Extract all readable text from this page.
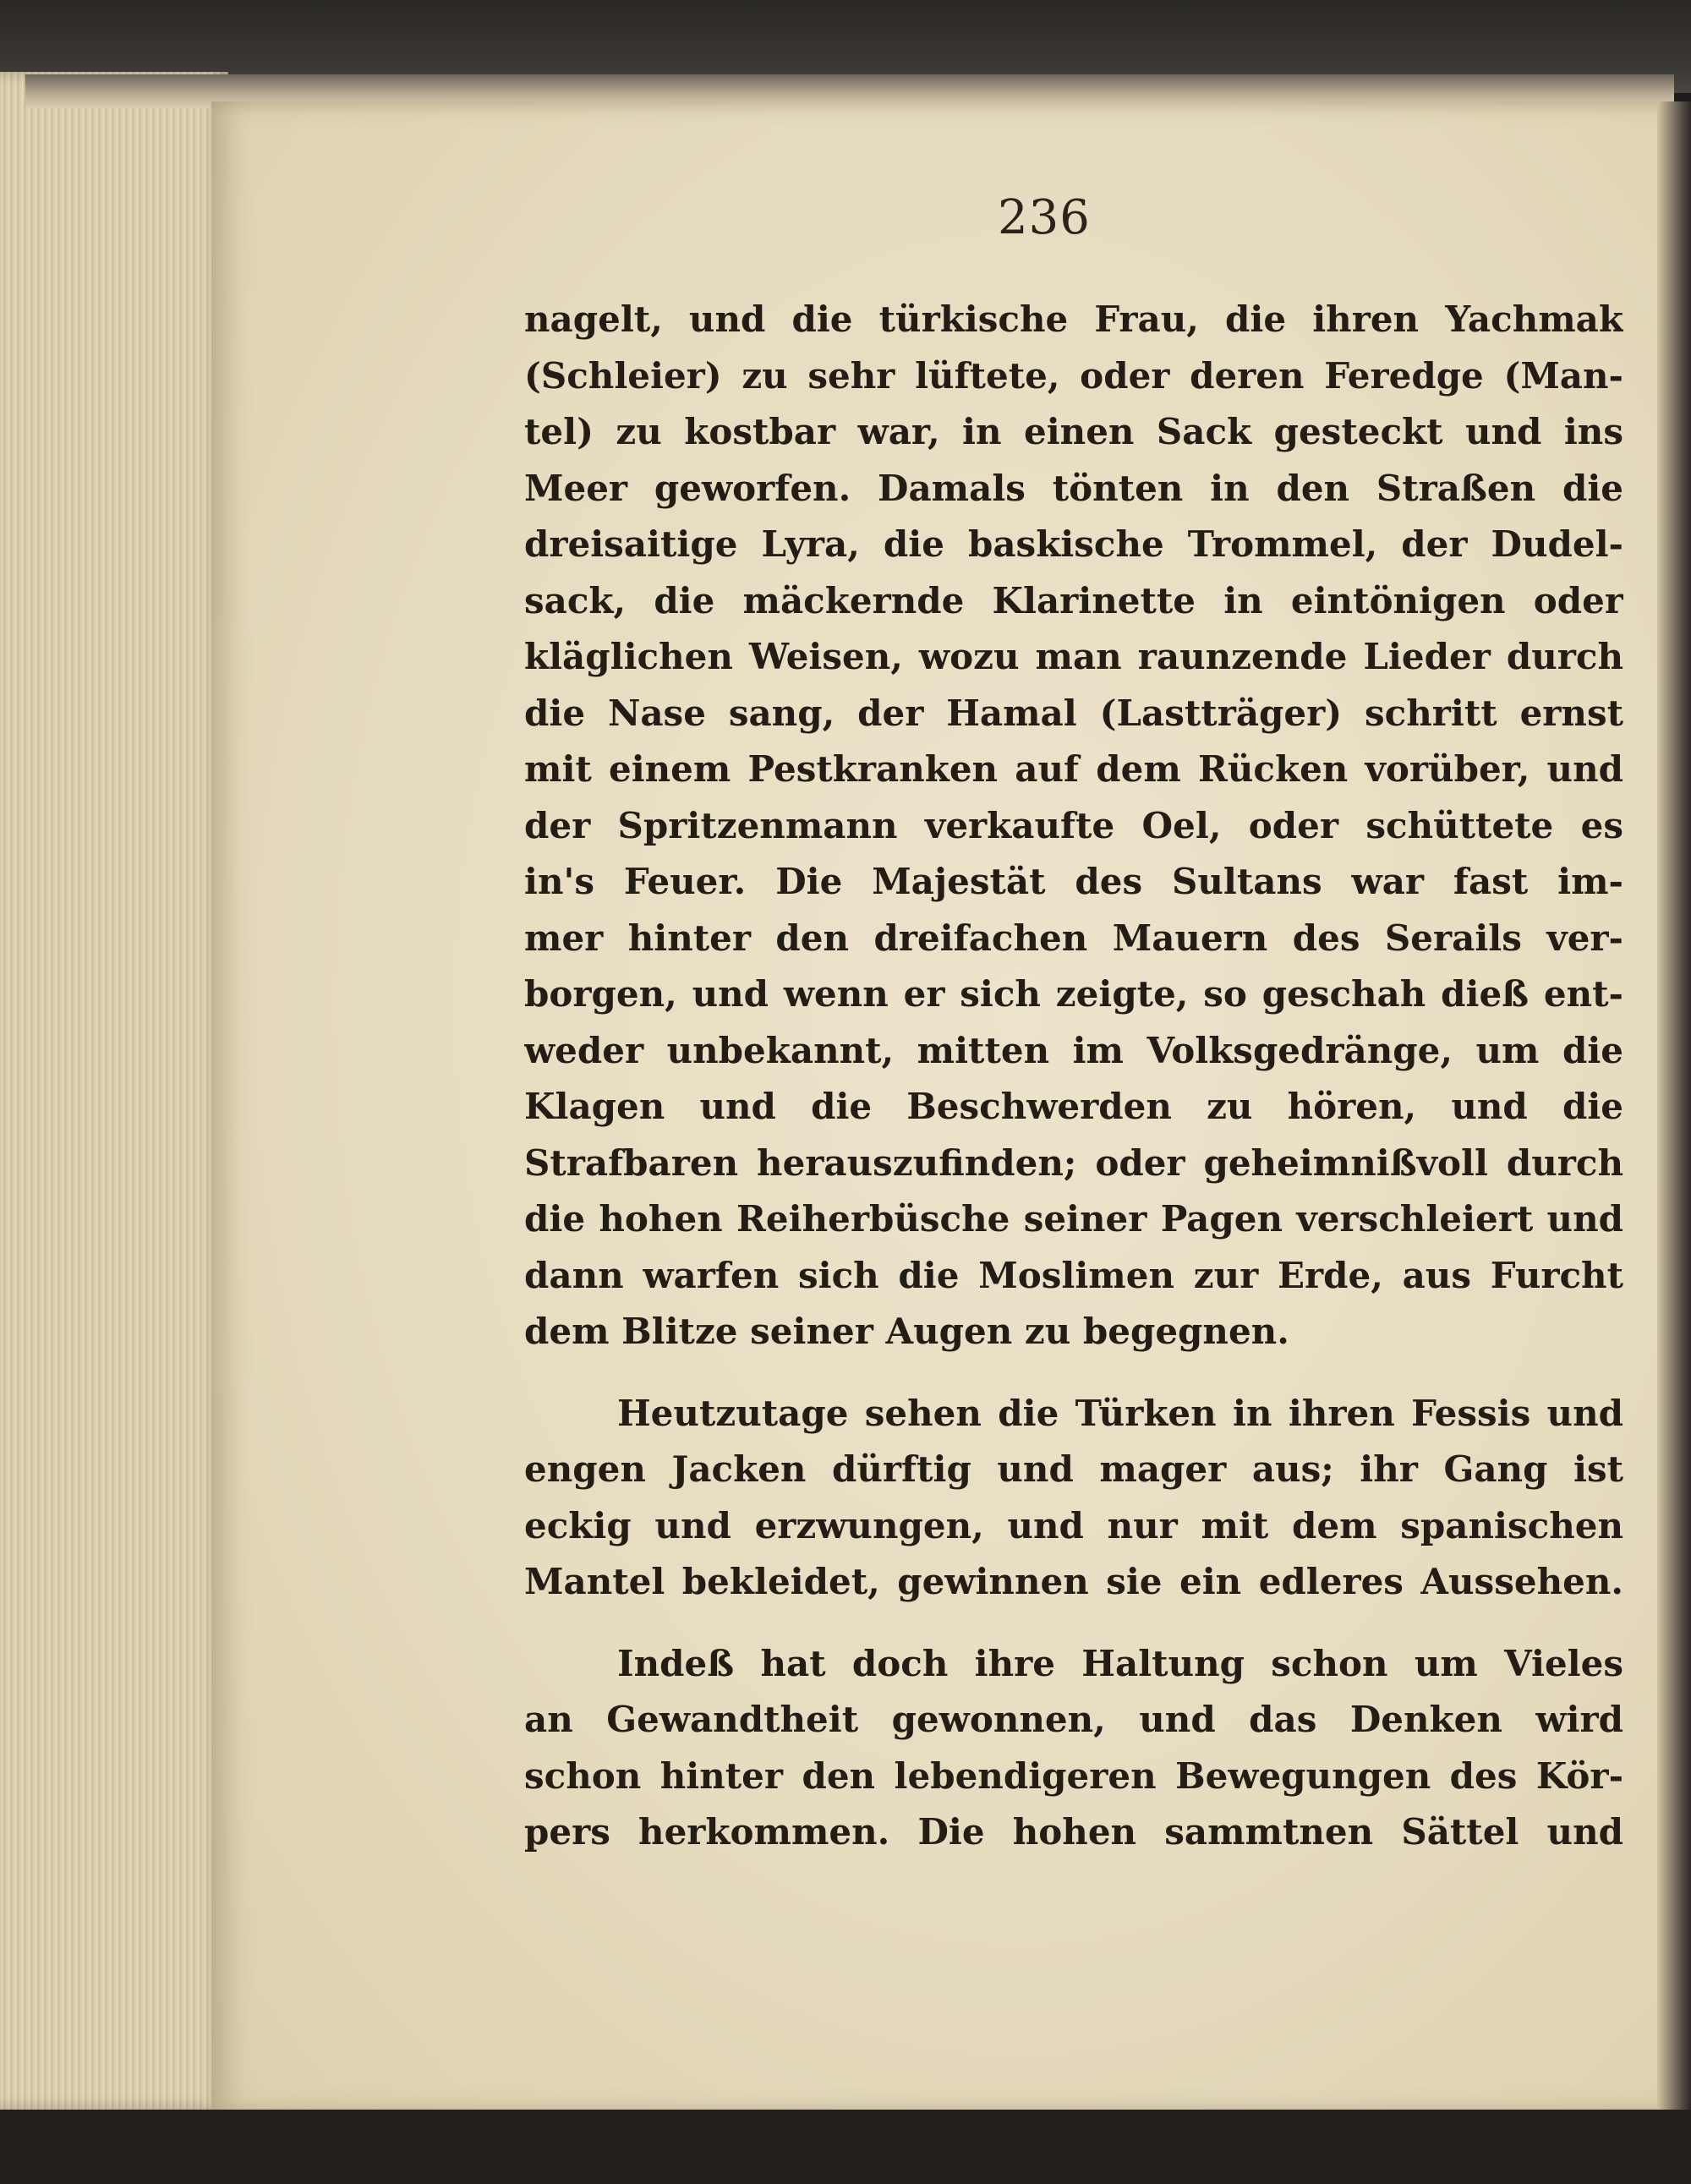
236
nagelt, und die türkische Frau, die ihren Yachmak
(Schleier) zu sehr lüftete, oder deren Feredge (Man-
tel) zu kostbar war, in einen Sack gesteckt und ins
Meer geworfen. Damals tönten in den Straßen die
dreisaitige Lyra, die baskische Trommel, der Dudel-
sack, die mäckernde Klarinette in eintönigen oder
kläglichen Weisen, wozu man raunzende Lieder durch
die Nase sang, der Hamal (Lastträger) schritt ernst
mit einem Pestkranken auf dem Rücken vorüber, und
der Spritzenmann verkaufte Oel, oder schüttete es
in's Feuer. Die Majestät des Sultans war fast im-
mer hinter den dreifachen Mauern des Serails ver-
borgen, und wenn er sich zeigte, so geschah dieß ent-
weder unbekannt, mitten im Volksgedränge, um die
Klagen und die Beschwerden zu hören, und die
Strafbaren herauszufinden; oder geheimnißvoll durch
die hohen Reiherbüsche seiner Pagen verschleiert und
dann warfen sich die Moslimen zur Erde, aus Furcht
dem Blitze seiner Augen zu begegnen.
Heutzutage sehen die Türken in ihren Fessis und
engen Jacken dürftig und mager aus; ihr Gang ist
eckig und erzwungen, und nur mit dem spanischen
Mantel bekleidet, gewinnen sie ein edleres Aussehen.
Indeß hat doch ihre Haltung schon um Vieles
an Gewandtheit gewonnen, und das Denken wird
schon hinter den lebendigeren Bewegungen des Kör-
pers herkommen. Die hohen sammtnen Sättel und
